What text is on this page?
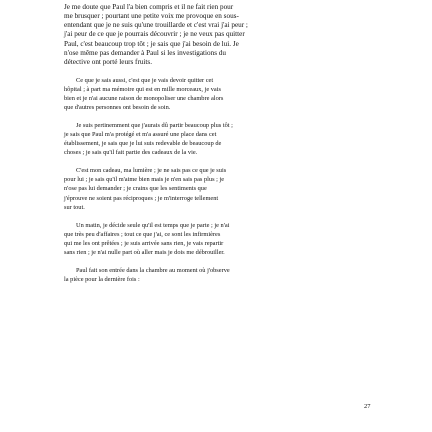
Je me doute que Paul l'a bien compris et il ne fait rien pour
me brusquer ; pourtant une petite voix me provoque en sous-
entendant que je ne suis qu'une trouillarde et c'est vrai j'ai peur ;
j'ai peur de ce que je pourrais découvrir ; je ne veux pas quitter
Paul, c'est beaucoup trop tôt ; je sais que j'ai besoin de lui. Je
n'ose même pas demander à Paul si les investigations du
détective ont porté leurs fruits.

Ce que je sais aussi, c'est que je vais devoir quitter cet
hôpital ; à part ma mémoire qui est en mille morceaux, je vais
bien et je n'ai aucune raison de monopoliser une chambre alors
que d'autres personnes ont besoin de soin.

Je suis pertinemment que j'aurais dû partir beaucoup plus tôt ;
je sais que Paul m'a protégé et m'a assuré une place dans cet
établissement, je sais que je lui suis redevable de beaucoup de
choses ; je sais qu'il fait partie des cadeaux de la vie.

C'est mon cadeau, ma lumière ; je ne sais pas ce que je suis
pour lui ; je sais qu'il m'aime bien mais je n'en sais pas plus ; je
n'ose pas lui demander ; je crains que les sentiments que
j'éprouve ne soient pas réciproques ; je m'interroge tellement
sur tout.

Un matin, je décide seule qu'il est temps que je parte ; je n'ai
que très peu d'affaires ; tout ce que j'ai, ce sont les infirmières
qui me les ont prêtées ; je suis arrivée sans rien, je vais repartir
sans rien ; je n'ai nulle part où aller mais je dois me débrouiller.

Paul fait son entrée dans la chambre au moment où j'observe
la pièce pour la dernière fois :

27
